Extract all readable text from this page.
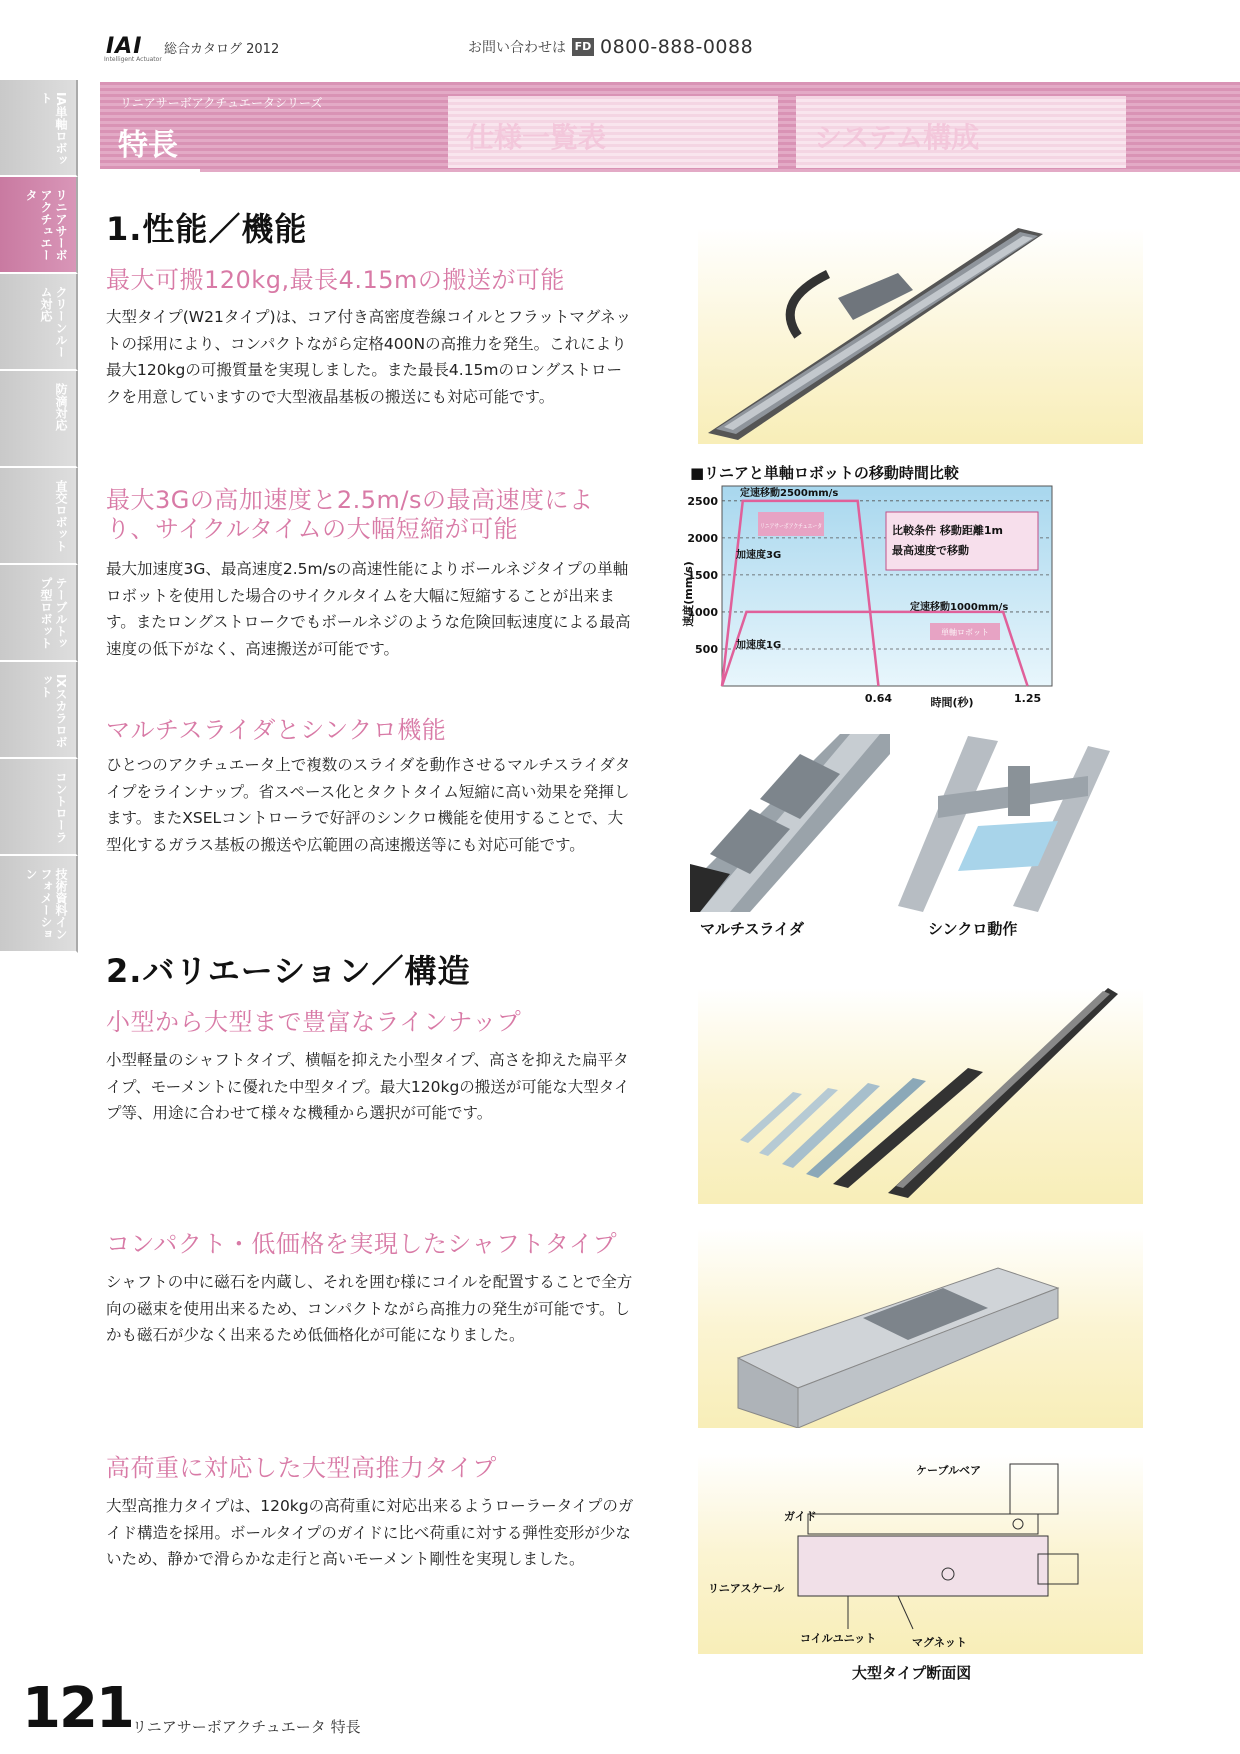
IAI
Intelligent Actuator
総合カタログ 2012	お問い合わせは FD 0800-888-0088
リニアサーボアクチュエータシリーズ
特長	仕様一覧表	システム構成
IA単軸ロボット
リニアサーボアクチュエータ
クリーンルーム対応
防滴対応
直交ロボット
テーブルトップ型ロボット
IXスカラロボット
コントローラ
技術資料インフォメーション
1.性能／機能
最大可搬120kg,最長4.15mの搬送が可能

大型タイプ(W21タイプ)は、コア付き高密度巻線コイルとフラットマグネットの採用により、コンパクトながら定格400Nの高推力を発生。これにより最大120kgの可搬質量を実現しました。また最長4.15mのロングストロークを用意していますので大型液晶基板の搬送にも対応可能です。

最大3Gの高加速度と2.5m/sの最高速度により、サイクルタイムの大幅短縮が可能

最大加速度3G、最高速度2.5m/sの高速性能によりボールネジタイプの単軸ロボットを使用した場合のサイクルタイムを大幅に短縮することが出来ます。またロングストロークでもボールネジのような危険回転速度による最高速度の低下がなく、高速搬送が可能です。

マルチスライダとシンクロ機能

ひとつのアクチュエータ上で複数のスライダを動作させるマルチスライダタイプをラインナップ。省スペース化とタクトタイム短縮に高い効果を発揮します。またXSELコントローラで好評のシンクロ機能を使用することで、大型化するガラス基板の搬送や広範囲の高速搬送等にも対応可能です。

2.バリエーション／構造
小型から大型まで豊富なラインナップ

小型軽量のシャフトタイプ、横幅を抑えた小型タイプ、高さを抑えた扁平タイプ、モーメントに優れた中型タイプ。最大120kgの搬送が可能な大型タイプ等、用途に合わせて様々な機種から選択が可能です。

コンパクト・低価格を実現したシャフトタイプ

シャフトの中に磁石を内蔵し、それを囲む様にコイルを配置することで全方向の磁束を使用出来るため、コンパクトながら高推力の発生が可能です。しかも磁石が少なく出来るため低価格化が可能になりました。

高荷重に対応した大型高推力タイプ

大型高推力タイプは、120kgの高荷重に対応出来るようローラータイプのガイド構造を採用。ボールタイプのガイドに比べ荷重に対する弾性変形が少ないため、静かで滑らかな走行と高いモーメント剛性を実現しました。

■リニアと単軸ロボットの移動時間比較
500
1000
1500
2000
2500
0.64	1.25
速度(mm/s)
時間(秒)
定速移動2500mm/s
リニアサーボアクチュエータ
加速度3G
比較条件 移動距離1m
最高速度で移動
定速移動1000mm/s
単軸ロボット
加速度1G
マルチスライダ	シンクロ動作
ケーブルベア
ガイド
リニアスケール
コイルユニット	マグネット
大型タイプ断面図
121 リニアサーボアクチュエータ 特長
